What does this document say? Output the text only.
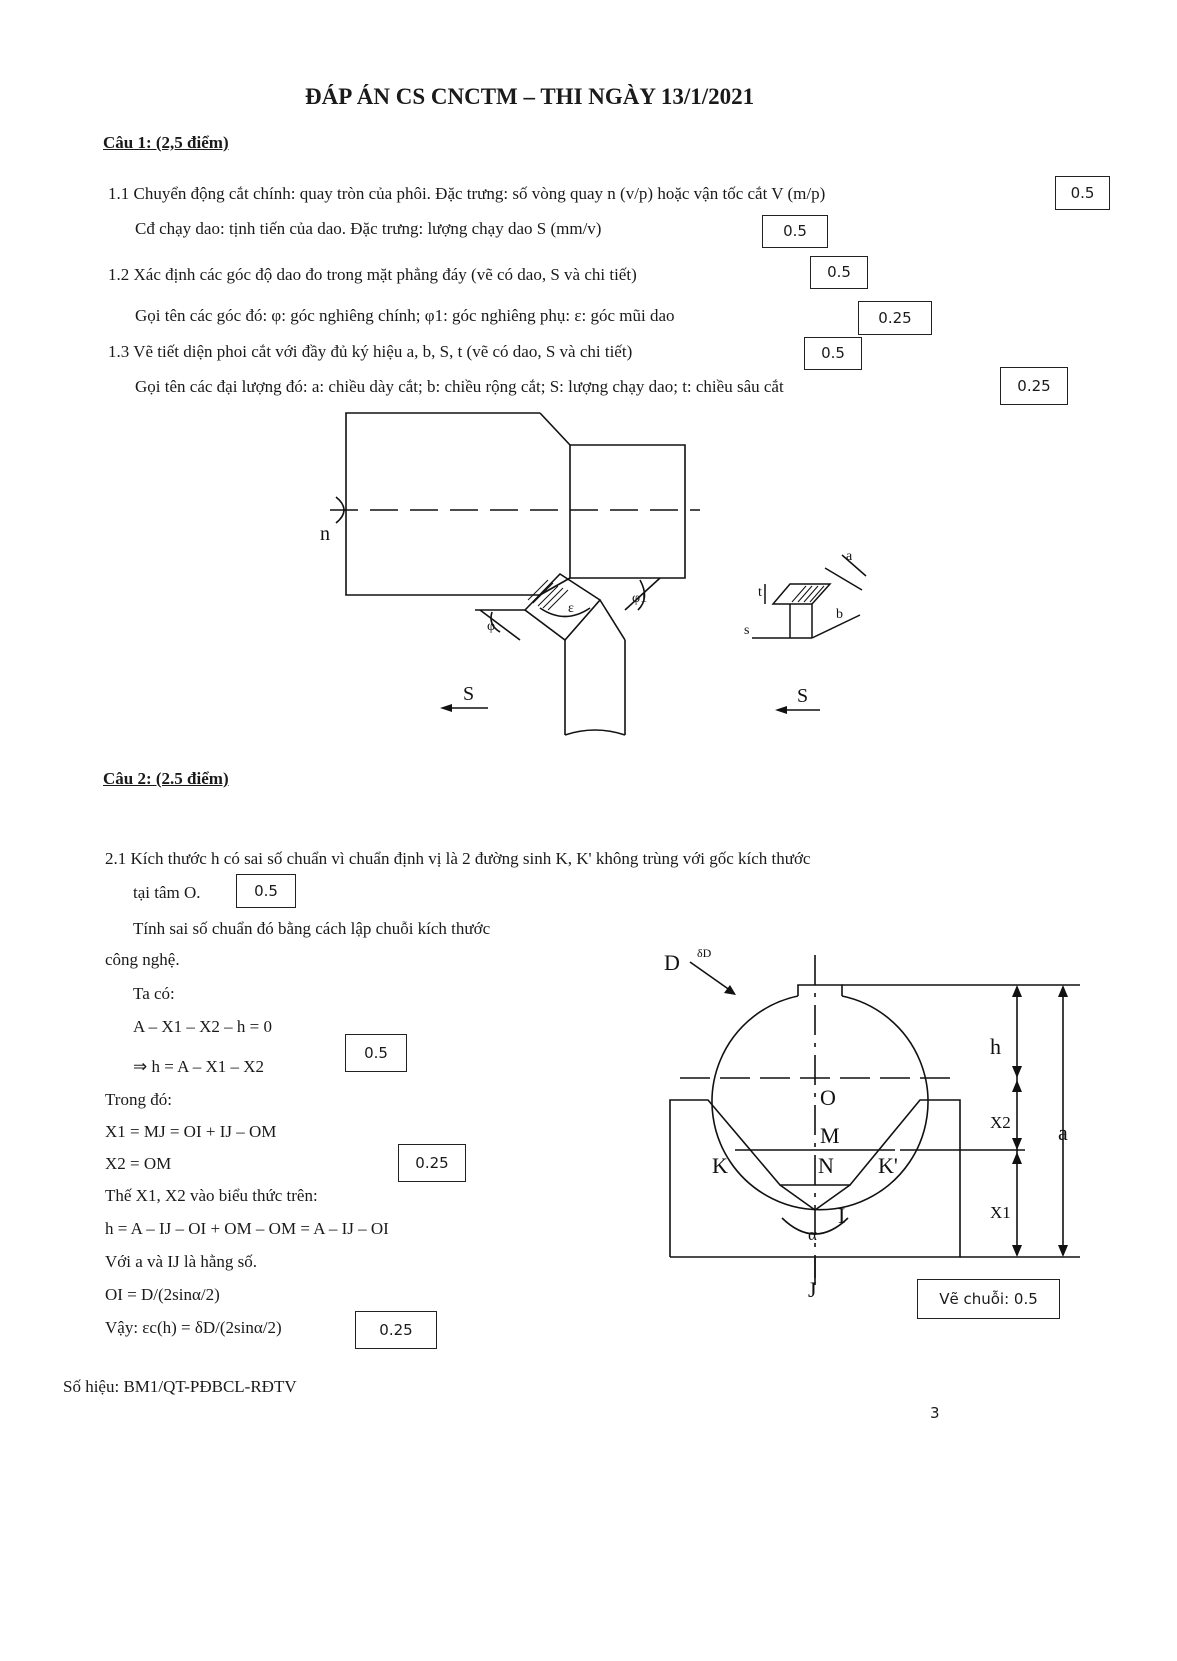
ĐÁP ÁN CS CNCTM – THI NGÀY 13/1/2021
Câu 1: (2,5 điểm)
1.1 Chuyển động cắt chính: quay tròn của phôi. Đặc trưng: số vòng quay n (v/p) hoặc vận tốc cắt V (m/p)	0.5
Cđ chạy dao: tịnh tiến của dao. Đặc trưng: lượng chạy dao S (mm/v)	0.5
1.2 Xác định các góc độ dao đo trong mặt phẳng đáy (vẽ có dao, S và chi tiết)	0.5
Gọi tên các góc đó: φ: góc nghiêng chính; φ1: góc nghiêng phụ: ε: góc mũi dao	0.25
1.3 Vẽ tiết diện phoi cắt với đầy đủ ký hiệu a, b, S, t (vẽ có dao, S và chi tiết)	0.5
Gọi tên các đại lượng đó: a: chiều dày cắt; b: chiều rộng cắt; S: lượng chạy dao; t: chiều sâu cắt	0.25
n
S	S
φ
ε
φ1
s
t
a
b
Câu 2: (2.5 điểm)
2.1 Kích thước h có sai số chuẩn vì chuẩn định vị là 2 đường sinh K, K' không trùng với gốc kích thước
tại tâm O.	0.5
Tính sai số chuẩn đó bằng cách lập chuỗi kích thước
công nghệ.
Ta có:
A – X1 – X2 – h = 0
0.5
⇒ h = A – X1 – X2
Trong đó:
X1 = MJ = OI + IJ – OM
X2 = OM	0.25
Thế X1, X2 vào biểu thức trên:
h = A – IJ – OI + OM – OM = A – IJ – OI
Với a và IJ là hằng số.
OI = D/(2sinα/2)
Vậy: εc(h) = δD/(2sinα/2)	0.25
D
h
O
M
K	N K'
I
a
J
δD
X2
X1
α
Vẽ chuỗi: 0.5
Số hiệu: BM1/QT-PĐBCL-RĐTV
3
